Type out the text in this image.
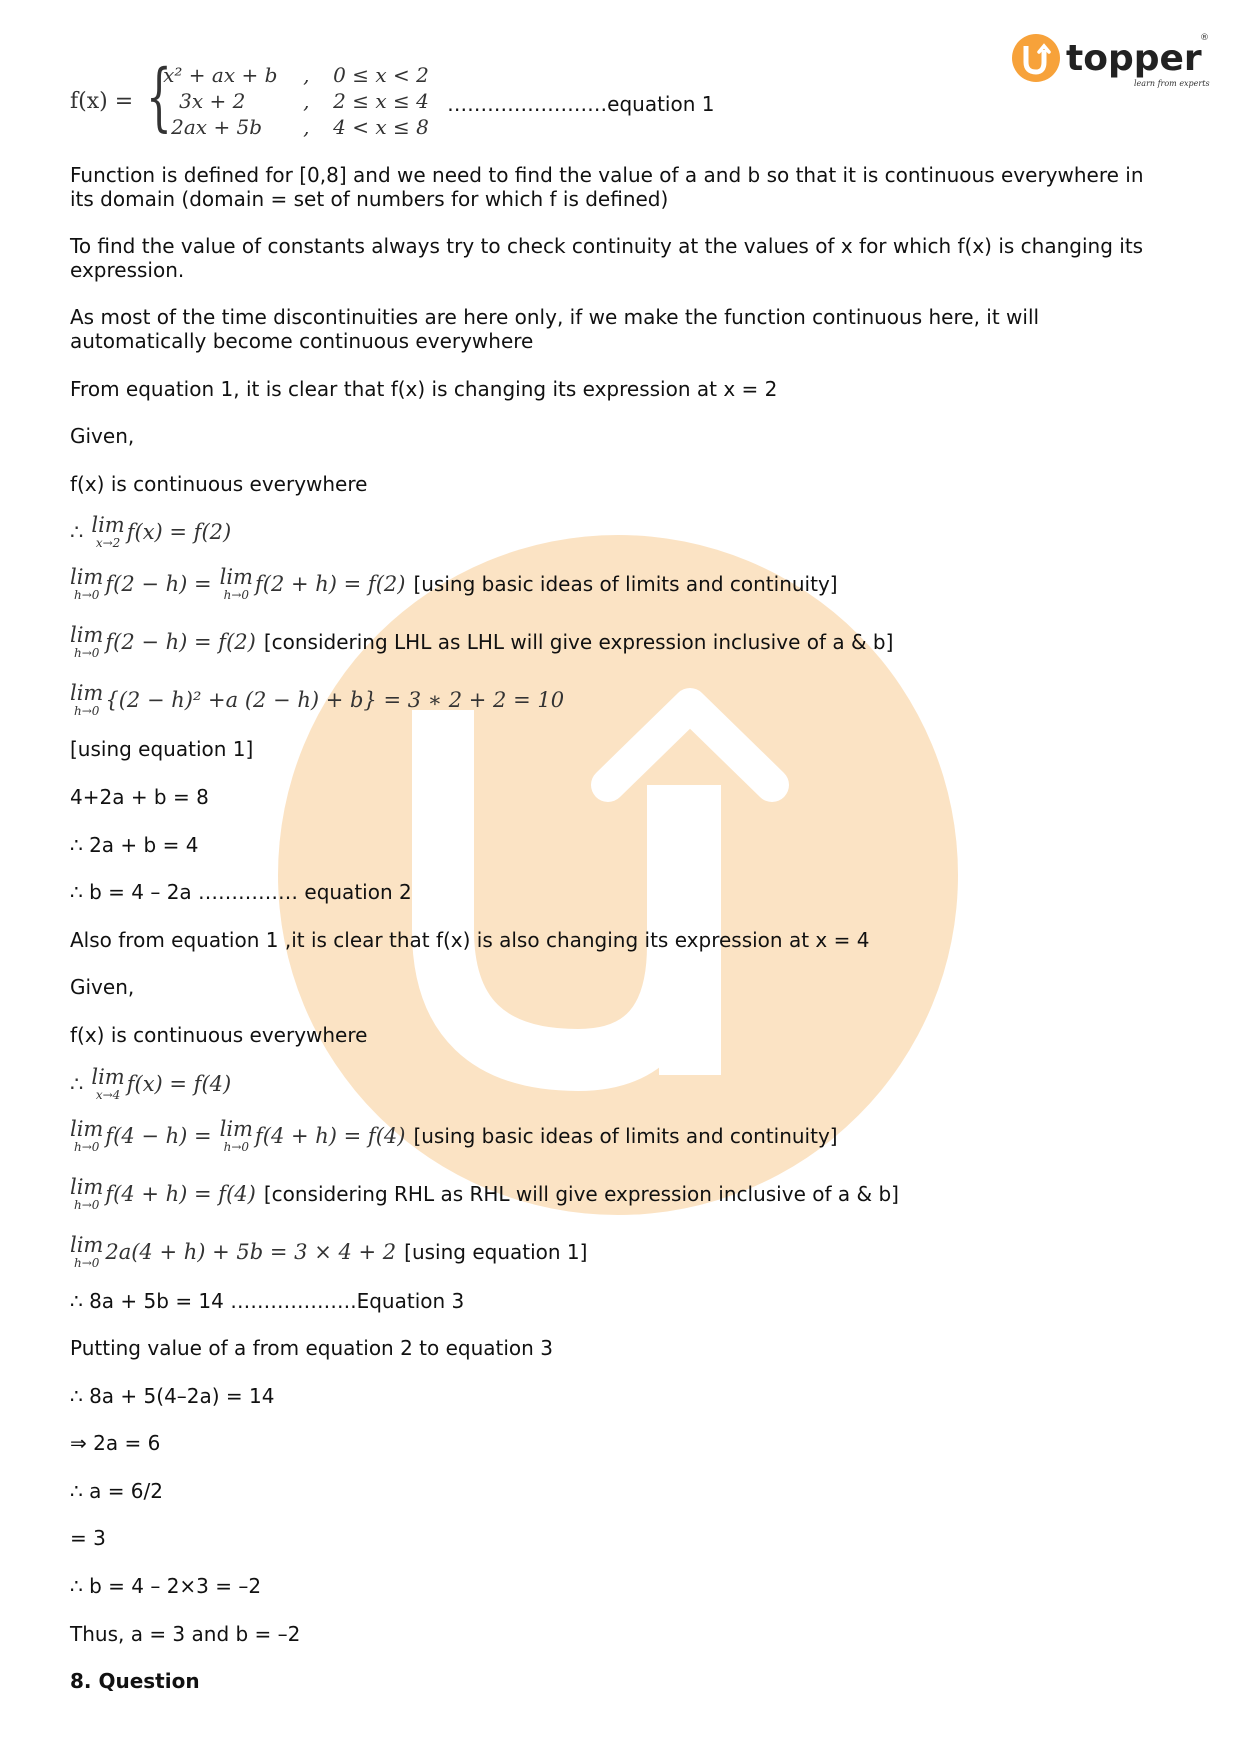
topper
learn from experts
®
f(x) = {
x² + ax + b	,	0 ≤ x < 2
3x + 2	,	2 ≤ x ≤ 4
2ax + 5b	,	4 < x ≤ 8
……………………equation 1

Function is defined for [0,8] and we need to find the value of a and b so that it is continuous everywhere in its domain (domain = set of numbers for which f is defined)

To find the value of constants always try to check continuity at the values of x for which f(x) is changing its expression.

As most of the time discontinuities are here only, if we make the function continuous here, it will automatically become continuous everywhere

From equation 1, it is clear that f(x) is changing its expression at x = 2

Given,

f(x) is continuous everywhere

∴ lim
x→2 f(x) = f(2)
lim
h→0 f(2 − h) = lim
h→0 f(2 + h) = f(2) [using basic ideas of limits and continuity]
lim
h→0 f(2 − h) = f(2) [considering LHL as LHL will give expression inclusive of a & b]
lim
h→0 {(2 − h)² +a (2 − h) + b} = 3 ∗ 2 + 2 = 10

[using equation 1]

4+2a + b = 8

∴ 2a + b = 4

∴ b = 4 – 2a …………… equation 2

Also from equation 1 ,it is clear that f(x) is also changing its expression at x = 4

Given,

f(x) is continuous everywhere

∴ lim
x→4 f(x) = f(4)
lim
h→0 f(4 − h) = lim
h→0 f(4 + h) = f(4) [using basic ideas of limits and continuity]
lim
h→0 f(4 + h) = f(4) [considering RHL as RHL will give expression inclusive of a & b]
lim
h→0 2a(4 + h) + 5b = 3 × 4 + 2 [using equation 1]

∴ 8a + 5b = 14 ……………….Equation 3

Putting value of a from equation 2 to equation 3

∴ 8a + 5(4–2a) = 14

⇒ 2a = 6

∴ a = 6/2

= 3

∴ b = 4 – 2×3 = –2

Thus, a = 3 and b = –2

8. Question
